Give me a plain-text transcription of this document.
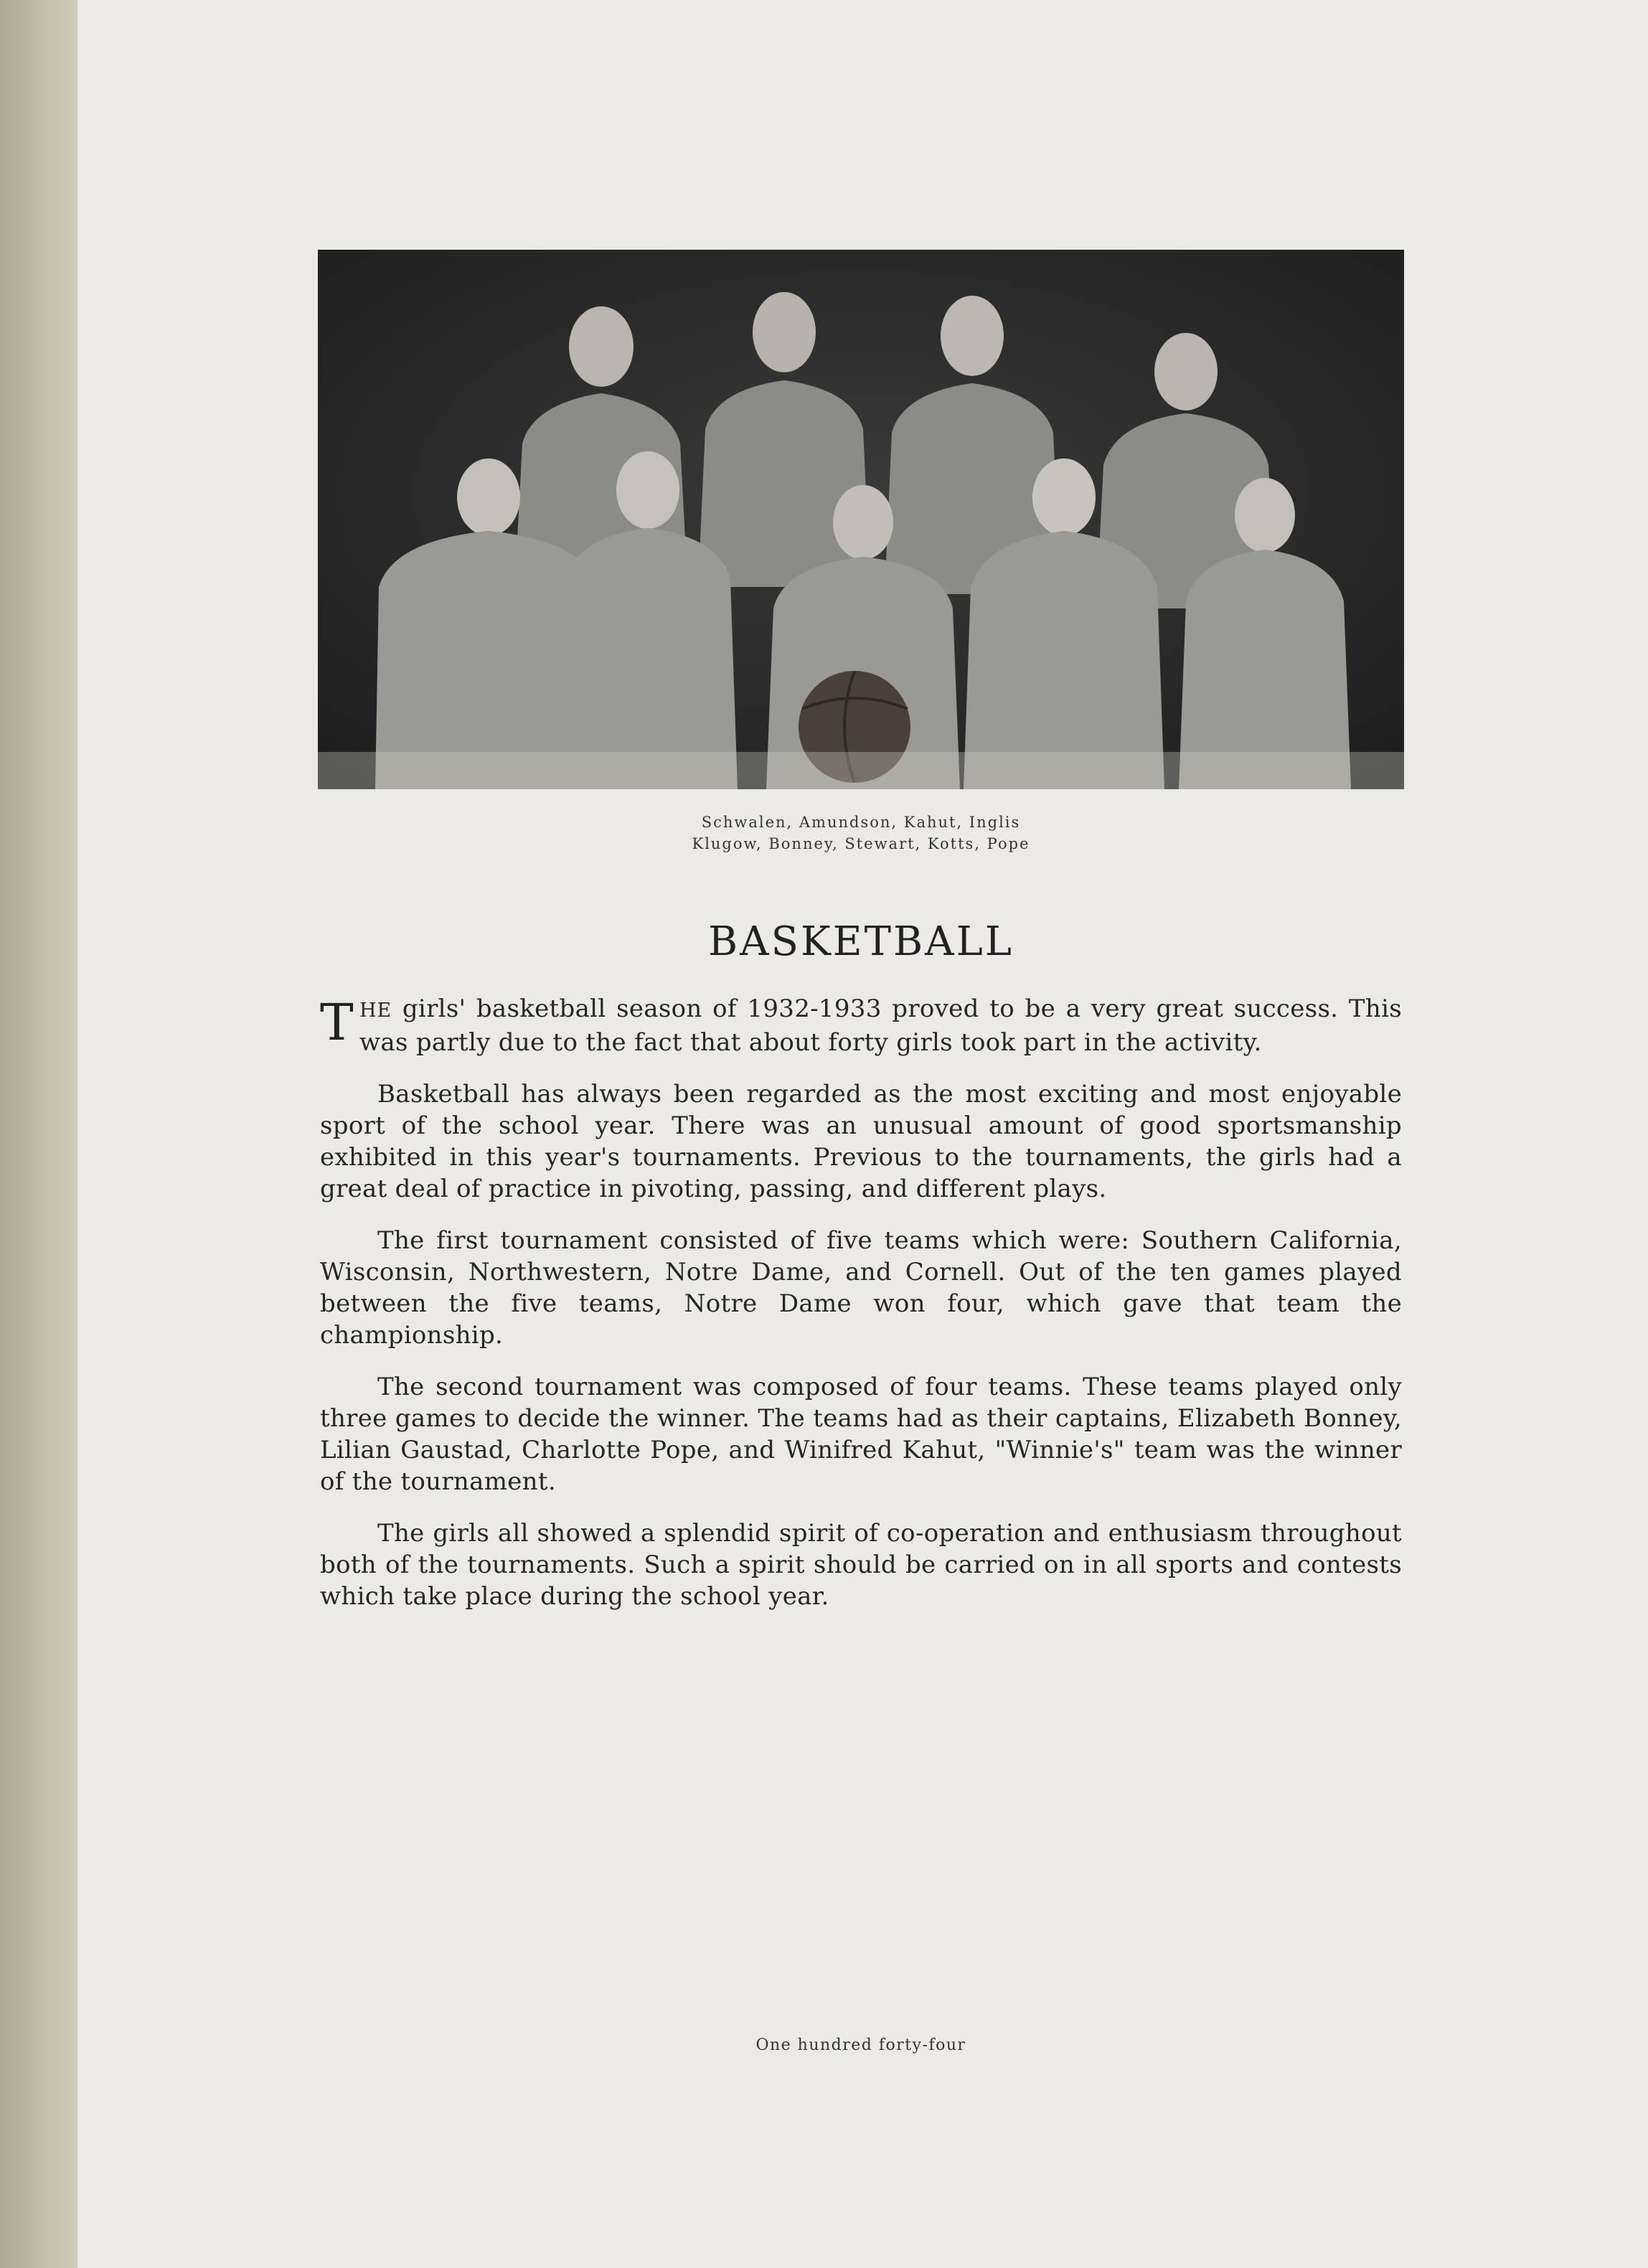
Schwalen, Amundson, Kahut, Inglis
Klugow, Bonney, Stewart, Kotts, Pope
BASKETBALL

THE girls' basketball season of 1932-1933 proved to be a very great success. This was partly due to the fact that about forty girls took part in the activity.

Basketball has always been regarded as the most exciting and most enjoyable sport of the school year. There was an unusual amount of good sportsmanship exhibited in this year's tournaments. Previous to the tournaments, the girls had a great deal of practice in pivoting, passing, and different plays.

The first tournament consisted of five teams which were: Southern California, Wisconsin, Northwestern, Notre Dame, and Cornell. Out of the ten games played between the five teams, Notre Dame won four, which gave that team the championship.

The second tournament was composed of four teams. These teams played only three games to decide the winner. The teams had as their captains, Elizabeth Bonney, Lilian Gaustad, Charlotte Pope, and Winifred Kahut, "Winnie's" team was the winner of the tournament.

The girls all showed a splendid spirit of co-operation and enthusiasm throughout both of the tournaments. Such a spirit should be carried on in all sports and contests which take place during the school year.

One hundred forty-four
